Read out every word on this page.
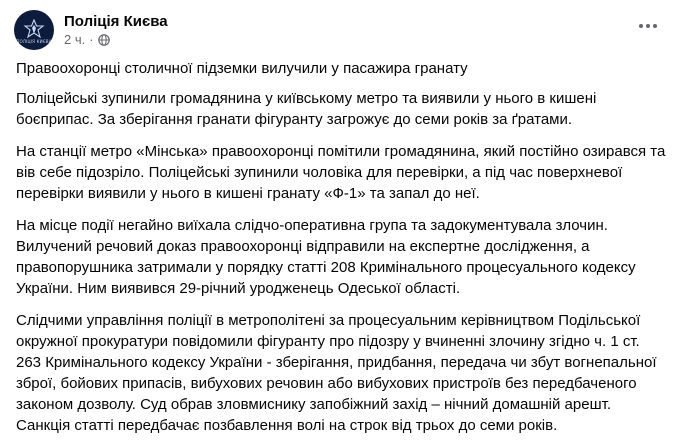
ПОЛІЦІЯ КИЄВА
Поліція Києва
2 ч. ·

Правоохоронці столичної підземки вилучили у пасажира гранату

Поліцейські зупинили громадянина у київському метро та виявили у нього в кишені боєприпас. За зберігання гранати фігуранту загрожує до семи років за ґратами.

На станції метро «Мінська» правоохоронці помітили громадянина, який постійно озирався та вів себе підозріло. Поліцейські зупинили чоловіка для перевірки, а під час поверхневої перевірки виявили у нього в кишені гранату «Ф-1» та запал до неї.

На місце події негайно виїхала слідчо-оперативна група та задокументувала злочин. Вилучений речовий доказ правоохоронці відправили на експертне дослідження, а правопорушника затримали у порядку статті 208 Кримінального процесуального кодексу України. Ним виявився 29-річний уродженець Одеської області.

Слідчими управління поліції в метрополітені за процесуальним керівництвом Подільської окружної прокуратури повідомили фігуранту про підозру у вчиненні злочину згідно ч. 1 ст. 263 Кримінального кодексу України - зберігання, придбання, передача чи збут вогнепальної зброї, бойових припасів, вибухових речовин або вибухових пристроїв без передбаченого законом дозволу. Суд обрав зловмиснику запобіжний захід – нічний домашній арешт. Санкція статті передбачає позбавлення волі на строк від трьох до семи років.
